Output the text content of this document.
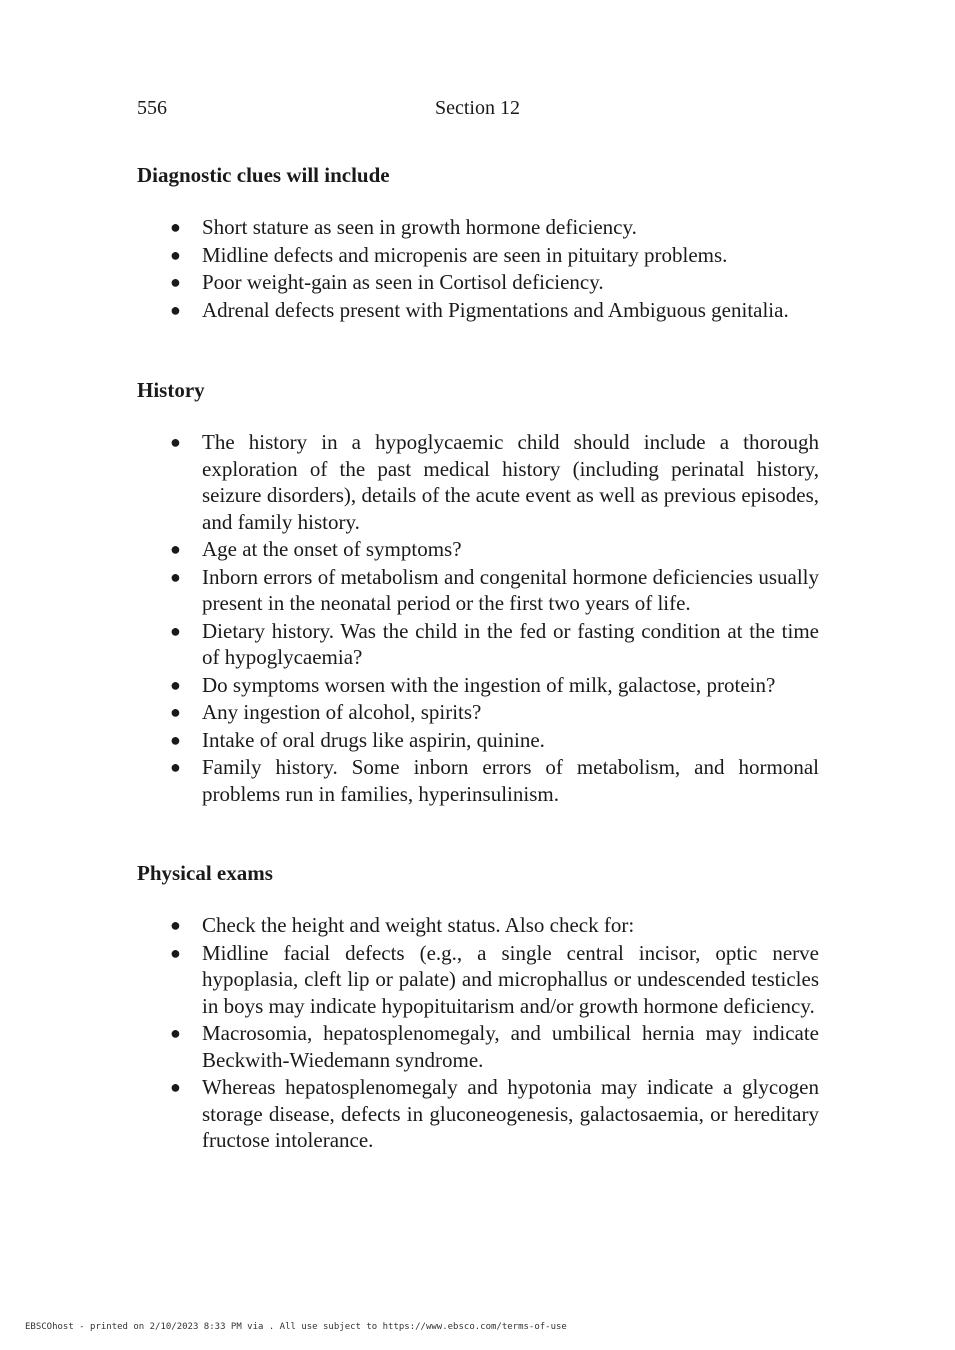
556	Section 12
Diagnostic clues will include
● Short stature as seen in growth hormone deficiency.
● Midline defects and micropenis are seen in pituitary problems.
● Poor weight-gain as seen in Cortisol deficiency.
● Adrenal defects present with Pigmentations and Ambiguous genitalia.
History
● The history in a hypoglycaemic child should include a thorough exploration of the past medical history (including perinatal history, seizure disorders), details of the acute event as well as previous episodes, and family history.
● Age at the onset of symptoms?
● Inborn errors of metabolism and congenital hormone deficiencies usually present in the neonatal period or the first two years of life.
● Dietary history. Was the child in the fed or fasting condition at the time of hypoglycaemia?
● Do symptoms worsen with the ingestion of milk, galactose, protein?
● Any ingestion of alcohol, spirits?
● Intake of oral drugs like aspirin, quinine.
● Family history. Some inborn errors of metabolism, and hormonal problems run in families, hyperinsulinism.
Physical exams
● Check the height and weight status. Also check for:
● Midline facial defects (e.g., a single central incisor, optic nerve hypoplasia, cleft lip or palate) and microphallus or undescended testicles in boys may indicate hypopituitarism and/or growth hormone deficiency.
● Macrosomia, hepatosplenomegaly, and umbilical hernia may indicate Beckwith-Wiedemann syndrome.
● Whereas hepatosplenomegaly and hypotonia may indicate a glycogen storage disease, defects in gluconeogenesis, galactosaemia, or hereditary fructose intolerance.
EBSCOhost - printed on 2/10/2023 8:33 PM via . All use subject to https://www.ebsco.com/terms-of-use
